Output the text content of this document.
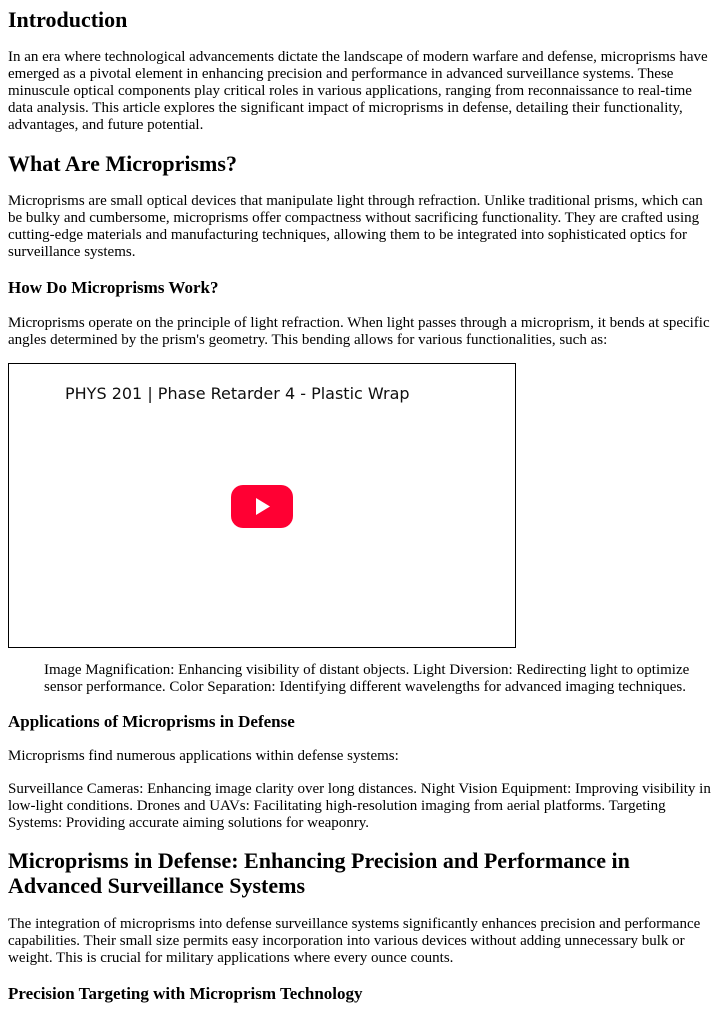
Introduction

In an era where technological advancements dictate the landscape of modern warfare and defense, microprisms have emerged as a pivotal element in enhancing precision and performance in advanced surveillance systems. These minuscule optical components play critical roles in various applications, ranging from reconnaissance to real-time data analysis. This article explores the significant impact of microprisms in defense, detailing their functionality, advantages, and future potential.

What Are Microprisms?

Microprisms are small optical devices that manipulate light through refraction. Unlike traditional prisms, which can be bulky and cumbersome, microprisms offer compactness without sacrificing functionality. They are crafted using cutting-edge materials and manufacturing techniques, allowing them to be integrated into sophisticated optics for surveillance systems.

How Do Microprisms Work?

Microprisms operate on the principle of light refraction. When light passes through a microprism, it bends at specific angles determined by the prism's geometry. This bending allows for various functionalities, such as:

PHYS 201 | Phase Retarder 4 - Plastic Wrap

Image Magnification: Enhancing visibility of distant objects. Light Diversion: Redirecting light to optimize sensor performance. Color Separation: Identifying different wavelengths for advanced imaging techniques.

Applications of Microprisms in Defense

Microprisms find numerous applications within defense systems:

Surveillance Cameras: Enhancing image clarity over long distances. Night Vision Equipment: Improving visibility in low-light conditions. Drones and UAVs: Facilitating high-resolution imaging from aerial platforms. Targeting Systems: Providing accurate aiming solutions for weaponry.

Microprisms in Defense: Enhancing Precision and Performance in Advanced Surveillance Systems

The integration of microprisms into defense surveillance systems significantly enhances precision and performance capabilities. Their small size permits easy incorporation into various devices without adding unnecessary bulk or weight. This is crucial for military applications where every ounce counts.

Precision Targeting with Microprism Technology
